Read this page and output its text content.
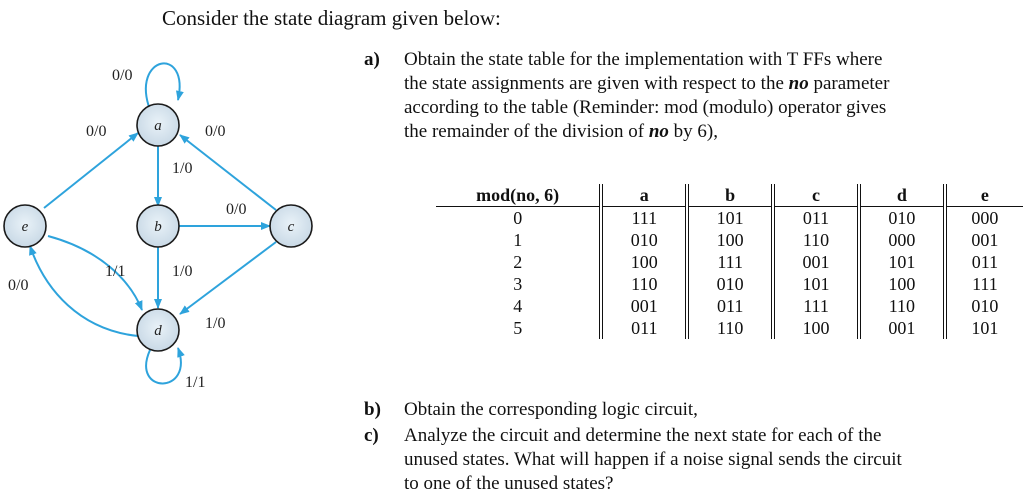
Consider the state diagram given below:
a
b	c
d
e
0/0
0/0	0/0
1/0
0/0
1/0
1/1
0/0
1/0
1/1
a) Obtain the state table for the implementation with T FFs where
the state assignments are given with respect to the no parameter
according to the table (Reminder: mod (modulo) operator gives
the remainder of the division of no by 6),
mod(no, 6)	a	b	c	d	e
0	111	101	011	010	000
1	010	100	110	000	001
2	100	111	001	101	011
3	110	010	101	100	111
4	001	011	111	110	010
5	011	110	100	001	101
b) Obtain the corresponding logic circuit,
c) Analyze the circuit and determine the next state for each of the
unused states. What will happen if a noise signal sends the circuit
to one of the unused states?
